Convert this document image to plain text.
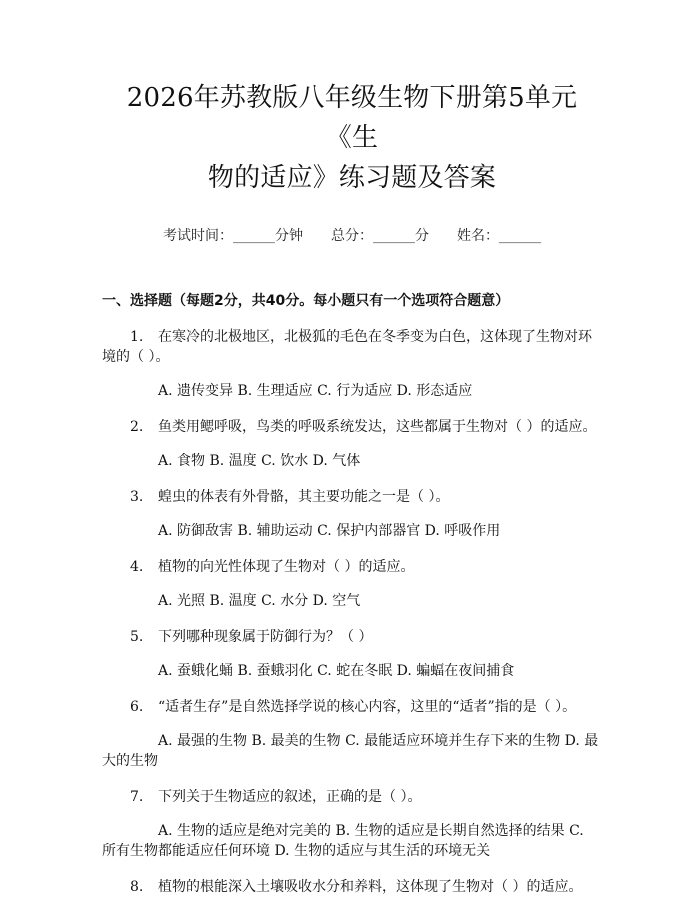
2026年苏教版八年级生物下册第5单元《生
物的适应》练习题及答案
考试时间：______分钟 总分：______分 姓名：______
一、选择题（每题2分，共40分。每小题只有一个选项符合题意）
1. 在寒冷的北极地区，北极狐的毛色在冬季变为白色，这体现了生物对环境的（ ）。
A. 遗传变异 B. 生理适应 C. 行为适应 D. 形态适应
2. 鱼类用鳃呼吸，鸟类的呼吸系统发达，这些都属于生物对（ ）的适应。
A. 食物 B. 温度 C. 饮水 D. 气体
3. 蝗虫的体表有外骨骼，其主要功能之一是（ ）。
A. 防御敌害 B. 辅助运动 C. 保护内部器官 D. 呼吸作用
4. 植物的向光性体现了生物对（ ）的适应。
A. 光照 B. 温度 C. 水分 D. 空气
5. 下列哪种现象属于防御行为？（ ）
A. 蚕蛾化蛹 B. 蚕蛾羽化 C. 蛇在冬眠 D. 蝙蝠在夜间捕食
6. “适者生存”是自然选择学说的核心内容，这里的“适者”指的是（ ）。
A. 最强的生物 B. 最美的生物 C. 最能适应环境并生存下来的生物 D. 最大的生物
7. 下列关于生物适应的叙述，正确的是（ ）。
A. 生物的适应是绝对完美的 B. 生物的适应是长期自然选择的结果 C. 所有生物都能适应任何环境 D. 生物的适应与其生活的环境无关
8. 植物的根能深入土壤吸收水分和养料，这体现了生物对（ ）的适应。
